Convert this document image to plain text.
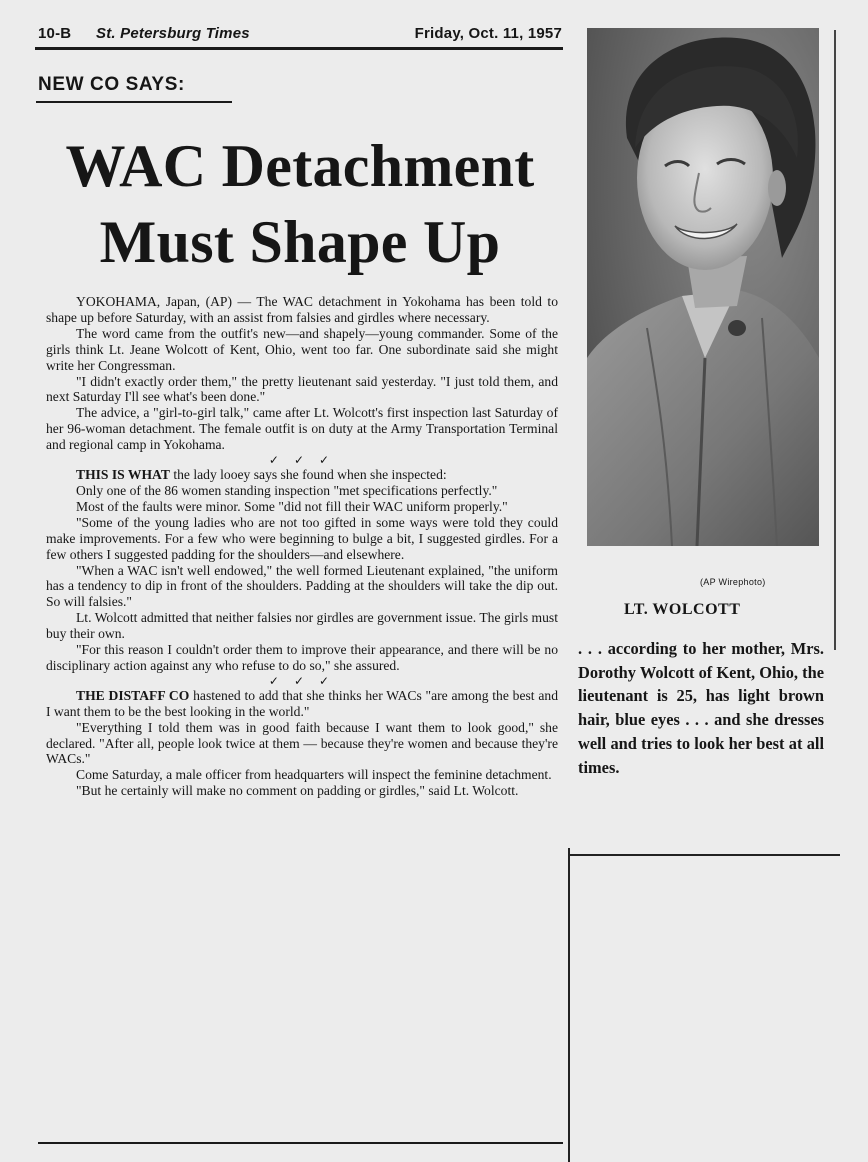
10-B St. Petersburg Times	Friday, Oct. 11, 1957
NEW CO SAYS:
WAC Detachment
Must Shape Up

YOKOHAMA, Japan, (AP) — The WAC detachment in Yokohama has been told to shape up before Saturday, with an assist from falsies and girdles where necessary.

The word came from the outfit's new—and shapely—young commander. Some of the girls think Lt. Jeane Wolcott of Kent, Ohio, went too far. One subordinate said she might write her Congressman.

"I didn't exactly order them," the pretty lieutenant said yesterday. "I just told them, and next Saturday I'll see what's been done."

The advice, a "girl-to-girl talk," came after Lt. Wolcott's first inspection last Saturday of her 96-woman detachment. The female outfit is on duty at the Army Transportation Terminal and regional camp in Yokohama.

✓ ✓ ✓

THIS IS WHAT the lady looey says she found when she inspected:

Only one of the 86 women standing inspection "met specifications perfectly."

Most of the faults were minor. Some "did not fill their WAC uniform properly."

"Some of the young ladies who are not too gifted in some ways were told they could make improvements. For a few who were beginning to bulge a bit, I suggested girdles. For a few others I suggested padding for the shoulders—and elsewhere.

"When a WAC isn't well endowed," the well formed Lieutenant explained, "the uniform has a tendency to dip in front of the shoulders. Padding at the shoulders will take the dip out. So will falsies."

Lt. Wolcott admitted that neither falsies nor girdles are government issue. The girls must buy their own.

"For this reason I couldn't order them to improve their appearance, and there will be no disciplinary action against any who refuse to do so," she assured.

✓ ✓ ✓

THE DISTAFF CO hastened to add that she thinks her WACs "are among the best and I want them to be the best looking in the world."

"Everything I told them was in good faith because I want them to look good," she declared. "After all, people look twice at them — because they're women and because they're WACs."

Come Saturday, a male officer from headquarters will inspect the feminine detachment.

"But he certainly will make no comment on padding or girdles," said Lt. Wolcott.

(AP Wirephoto)
LT. WOLCOTT
. . . according to her mother, Mrs. Dorothy Wolcott of Kent, Ohio, the lieutenant is 25, has light brown hair, blue eyes . . . and she dresses well and tries to look her best at all times.
